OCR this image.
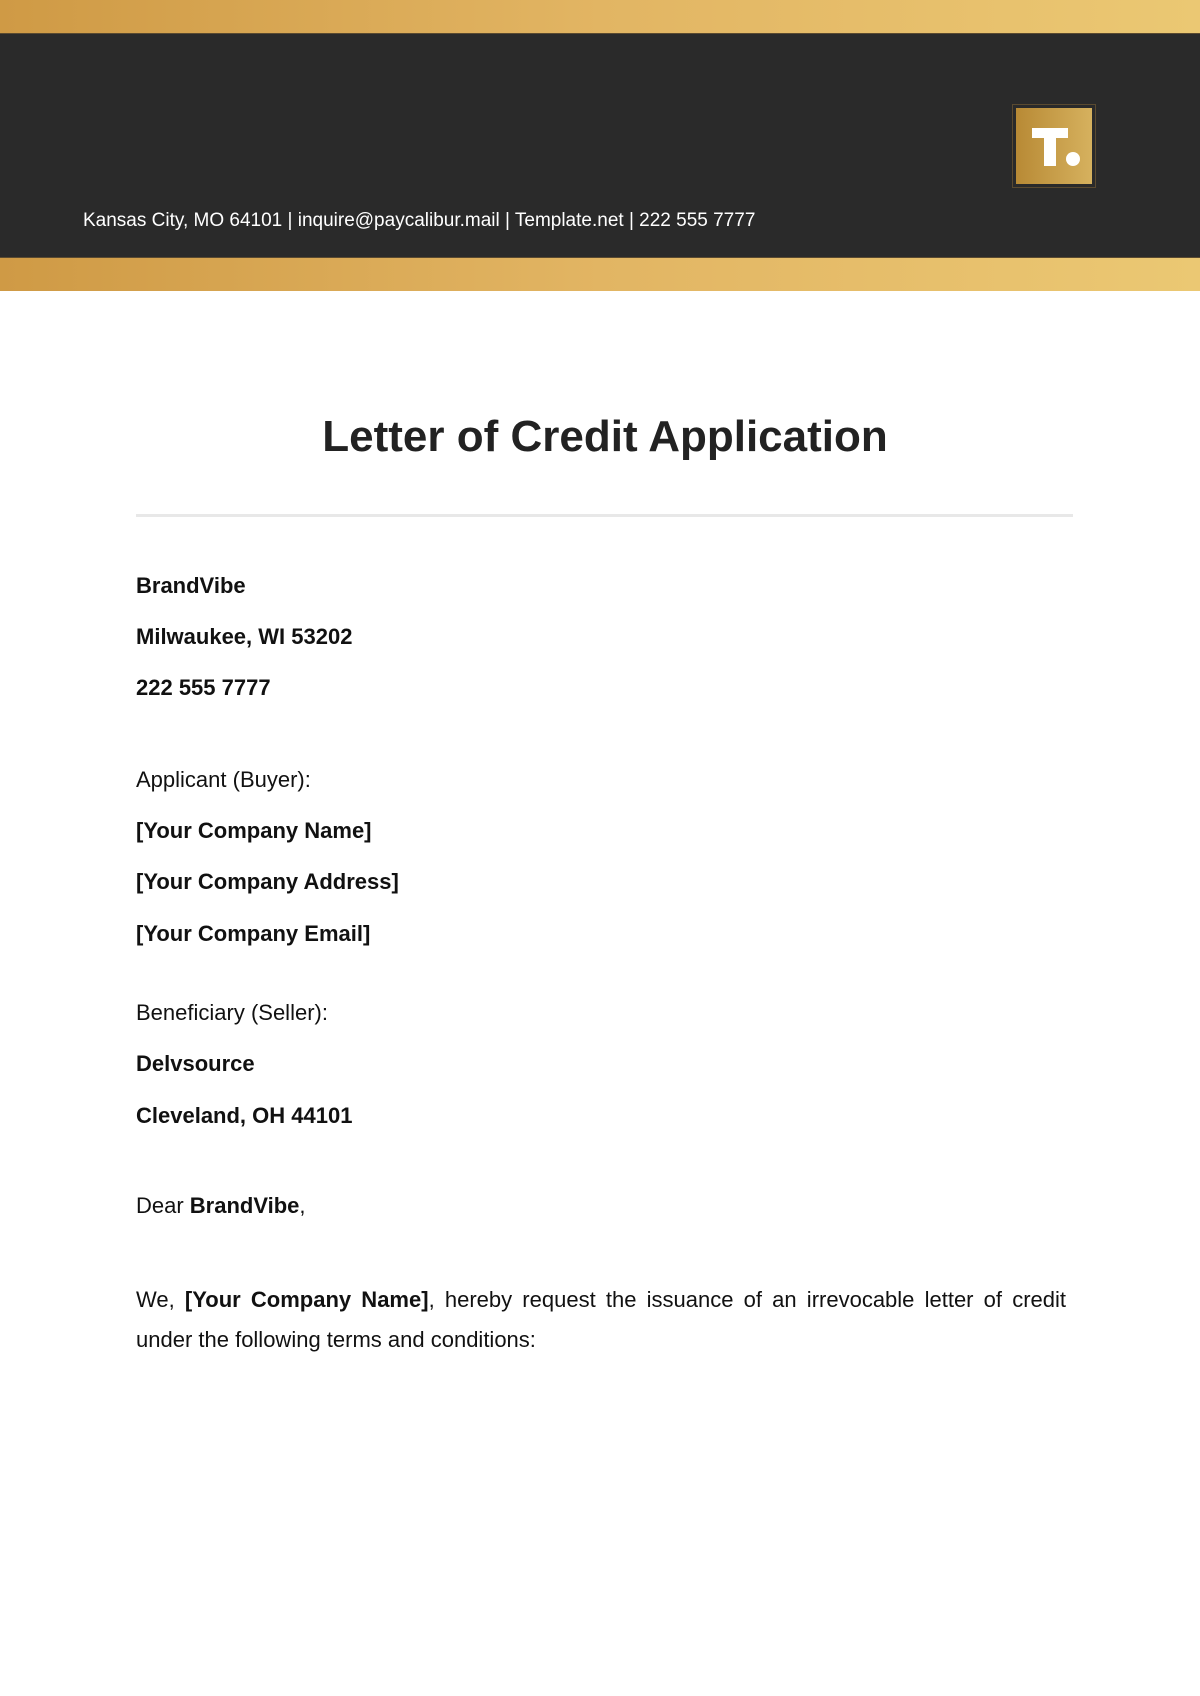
Kansas City, MO 64101 | inquire@paycalibur.mail | Template.net | 222 555 7777
Letter of Credit Application
BrandVibe
Milwaukee, WI 53202
222 555 7777
Applicant (Buyer):
[Your Company Name]
[Your Company Address]
[Your Company Email]
Beneficiary (Seller):
Delvsource
Cleveland, OH 44101
Dear BrandVibe,
We, [Your Company Name], hereby request the issuance of an irrevocable letter of credit under the following terms and conditions:
